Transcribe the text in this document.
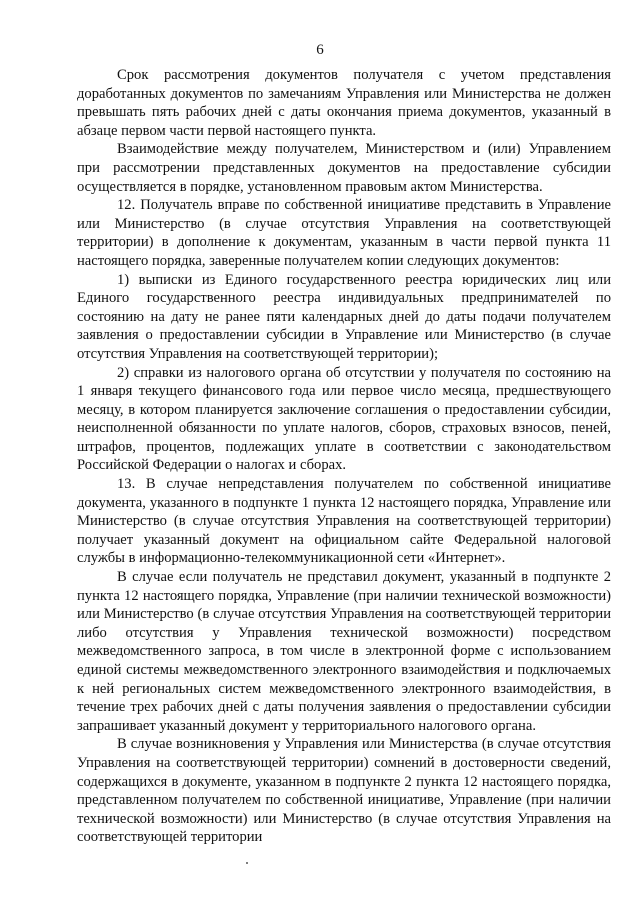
6

Срок рассмотрения документов получателя с учетом представления доработанных документов по замечаниям Управления или Министерства не должен превышать пять рабочих дней с даты окончания приема документов, указанный в абзаце первом части первой настоящего пункта.

Взаимодействие между получателем, Министерством и (или) Управлением при рассмотрении представленных документов на предоставление субсидии осуществляется в порядке, установленном правовым актом Министерства.

12. Получатель вправе по собственной инициативе представить в Управление или Министерство (в случае отсутствия Управления на соответствующей территории) в дополнение к документам, указанным в части первой пункта 11 настоящего порядка, заверенные получателем копии следующих документов:

1) выписки из Единого государственного реестра юридических лиц или Единого государственного реестра индивидуальных предпринимателей по состоянию на дату не ранее пяти календарных дней до даты подачи получателем заявления о предоставлении субсидии в Управление или Министерство (в случае отсутствия Управления на соответствующей территории);

2) справки из налогового органа об отсутствии у получателя по состоянию на 1 января текущего финансового года или первое число месяца, предшествующего месяцу, в котором планируется заключение соглашения о предоставлении субсидии, неисполненной обязанности по уплате налогов, сборов, страховых взносов, пеней, штрафов, процентов, подлежащих уплате в соответствии с законодательством Российской Федерации о налогах и сборах.

13. В случае непредставления получателем по собственной инициативе документа, указанного в подпункте 1 пункта 12 настоящего порядка, Управление или Министерство (в случае отсутствия Управления на соответствующей территории) получает указанный документ на официальном сайте Федеральной налоговой службы в информационно-телекоммуникационной сети «Интернет».

В случае если получатель не представил документ, указанный в подпункте 2 пункта 12 настоящего порядка, Управление (при наличии технической возможности) или Министерство (в случае отсутствия Управления на соответствующей территории либо отсутствия у Управления технической возможности) посредством межведомственного запроса, в том числе в электронной форме с использованием единой системы межведомственного электронного взаимодействия и подключаемых к ней региональных систем межведомственного электронного взаимодействия, в течение трех рабочих дней с даты получения заявления о предоставлении субсидии запрашивает указанный документ у территориального налогового органа.

В случае возникновения у Управления или Министерства (в случае отсутствия Управления на соответствующей территории) сомнений в достоверности сведений, содержащихся в документе, указанном в подпункте 2 пункта 12 настоящего порядка, представленном получателем по собственной инициативе, Управление (при наличии технической возможности) или Министерство (в случае отсутствия Управления на соответствующей территории
